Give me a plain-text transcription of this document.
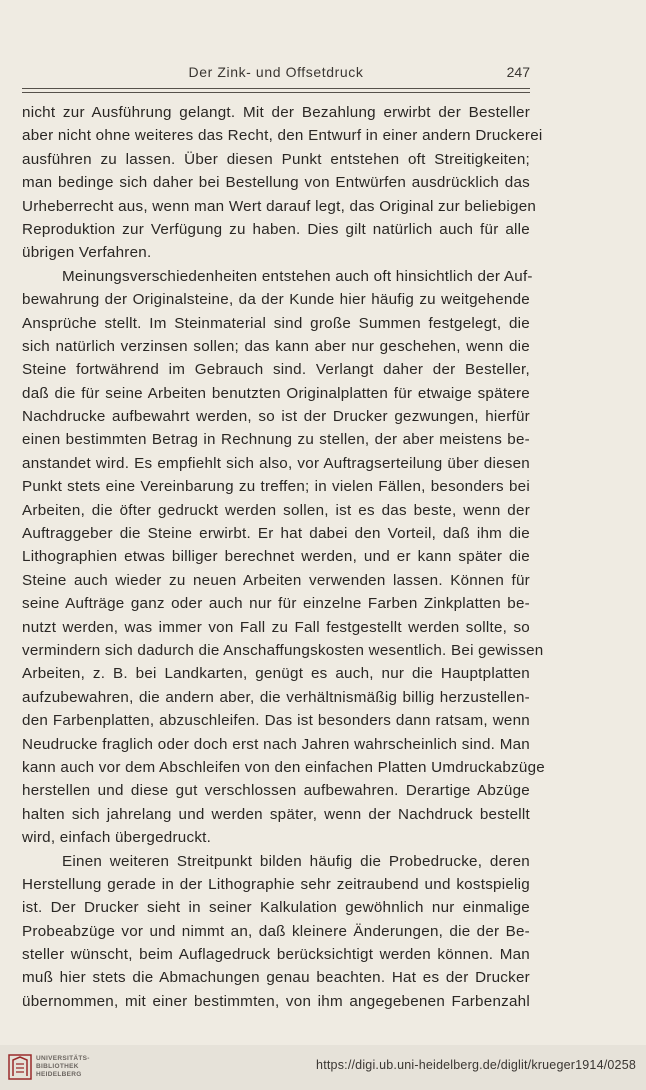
Der Zink- und Offsetdruck	247
nicht zur Ausführung gelangt. Mit der Bezahlung erwirbt der Besteller
aber nicht ohne weiteres das Recht, den Entwurf in einer andern Druckerei
ausführen zu lassen. Über diesen Punkt entstehen oft Streitigkeiten;
man bedinge sich daher bei Bestellung von Entwürfen ausdrücklich das
Urheberrecht aus, wenn man Wert darauf legt, das Original zur beliebigen
Reproduktion zur Verfügung zu haben. Dies gilt natürlich auch für alle
übrigen Verfahren.
Meinungsverschiedenheiten entstehen auch oft hinsichtlich der Auf-
bewahrung der Originalsteine, da der Kunde hier häufig zu weitgehende
Ansprüche stellt. Im Steinmaterial sind große Summen festgelegt, die
sich natürlich verzinsen sollen; das kann aber nur geschehen, wenn die
Steine fortwährend im Gebrauch sind. Verlangt daher der Besteller,
daß die für seine Arbeiten benutzten Originalplatten für etwaige spätere
Nachdrucke aufbewahrt werden, so ist der Drucker gezwungen, hierfür
einen bestimmten Betrag in Rechnung zu stellen, der aber meistens be-
anstandet wird. Es empfiehlt sich also, vor Auftragserteilung über diesen
Punkt stets eine Vereinbarung zu treffen; in vielen Fällen, besonders bei
Arbeiten, die öfter gedruckt werden sollen, ist es das beste, wenn der
Auftraggeber die Steine erwirbt. Er hat dabei den Vorteil, daß ihm die
Lithographien etwas billiger berechnet werden, und er kann später die
Steine auch wieder zu neuen Arbeiten verwenden lassen. Können für
seine Aufträge ganz oder auch nur für einzelne Farben Zinkplatten be-
nutzt werden, was immer von Fall zu Fall festgestellt werden sollte, so
vermindern sich dadurch die Anschaffungskosten wesentlich. Bei gewissen
Arbeiten, z. B. bei Landkarten, genügt es auch, nur die Hauptplatten
aufzubewahren, die andern aber, die verhältnismäßig billig herzustellen-
den Farbenplatten, abzuschleifen. Das ist besonders dann ratsam, wenn
Neudrucke fraglich oder doch erst nach Jahren wahrscheinlich sind. Man
kann auch vor dem Abschleifen von den einfachen Platten Umdruckabzüge
herstellen und diese gut verschlossen aufbewahren. Derartige Abzüge
halten sich jahrelang und werden später, wenn der Nachdruck bestellt
wird, einfach übergedruckt.
Einen weiteren Streitpunkt bilden häufig die Probedrucke, deren
Herstellung gerade in der Lithographie sehr zeitraubend und kostspielig
ist. Der Drucker sieht in seiner Kalkulation gewöhnlich nur einmalige
Probeabzüge vor und nimmt an, daß kleinere Änderungen, die der Be-
steller wünscht, beim Auflagedruck berücksichtigt werden können. Man
muß hier stets die Abmachungen genau beachten. Hat es der Drucker
übernommen, mit einer bestimmten, von ihm angegebenen Farbenzahl
UNIVERSITÄTS-
BIBLIOTHEK
HEIDELBERG
https://digi.ub.uni-heidelberg.de/diglit/krueger1914/0258
